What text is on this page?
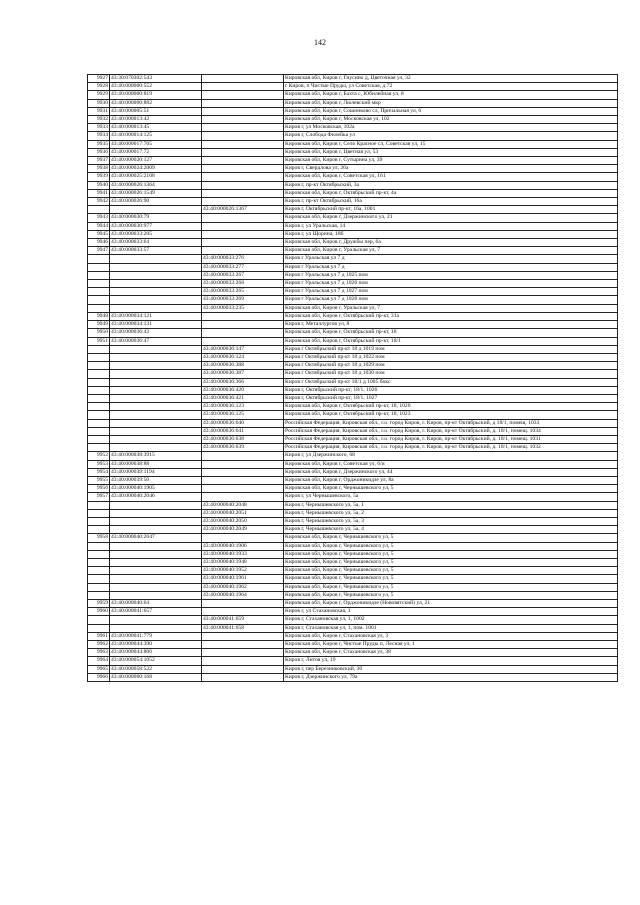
142
9927	43:30:070302:543		Кировская обл, Киров г, Гнусино д, Цветочная ул, 32
9928	43:40:000000:552		г Киров, п Чистые Пруды, ул Советская, д 72
9929	43:40:000000:819		Кировская обл, Киров г, Бахта с, Юбилейная ул, 8
9930	43:40:000000:882		Кировская обл, Киров г, Люлевский мкр
9931	43:40:000005:51		Кировская обл, Киров г, Сошниково сл, Причальная ул, 6
9932	43:40:000013:42		Кировская обл, Киров г, Московская ул, 102
9933	43:40:000013:45		Киров г, ул Московская, 102а
9934	43:40:000014:125		Киров г, Слобода Филейка ул
9935	43:40:000017:705		Кировская обл, Киров г, Село Красное сл, Советская ул, 15
9936	43:40:000017:72		Кировская обл, Киров г, Цветная ул, 53
9937	43:40:000020:127		Кировская обл, Киров г, Сутырина ул, 39
9938	43:40:000024:2009		Киров г, Свердлова ул, 26а
9939	43:40:000025:2108		Кировская обл, Киров г, Советская ул, 161
9940	43:40:000026:1364		Киров г, пр-кт Октябрьский, 3а
9941	43:40:000026:1549		Кировская обл, Киров г, Октябрьский пр-кт, 4а
9942	43:40:000026:90		Киров г, пр-кт Октябрьский, 16а
		43:40:000026:1367	Киров г, Октябрьский пр-кт, 16а, 1001
9943	43:40:000030:79		Кировская обл, Киров г, Дзержинского ул, 21
9944	43:40:000030:977		Киров г, ул Уральская, 14
9945	43:40:000033:205		Киров г, ул Щорина, 18б
9946	43:40:000033:64		Кировская обл, Киров г, Дружбы пер, 6а
9947	43:40:000033:57		Кировская обл, Киров г, Уральская ул, 7
		43:40:000033:276	Киров г Уральская ул 7 д
		43:40:000033:277	Киров г Уральская ул 7 д
		43:40:000033:267	Киров г Уральская ул 7 д 1025 пом
		43:40:000033:268	Киров г Уральская ул 7 д 1026 пом
		43:40:000033:265	Киров г Уральская ул 7 д 1027 пом
		43:40:000033:269	Киров г Уральская ул 7 д 1028 пом
		43:40:000033:235	Кировская обл, Киров г, Уральская ул, 7
9948	43:40:000034:121		Кировская обл, Киров г, Октябрьский пр-кт, 31а
9949	43:40:000034:131		Киров г, Металлургов ул, 8
9950	43:40:000036:43		Кировская обл, Киров г, Октябрьский пр-кт, 18
9951	43:40:000036:47		Кировская обл, Киров г, Октябрьский пр-кт, 18/1
		43:40:000036:147	Киров г Октябрьский пр-кт 18 д 1019 пом
		43:40:000036:124	Киров г Октябрьский пр-кт 18 д 1022 пом
		43:40:000036:388	Киров г Октябрьский пр-кт 18 д 1029 пом
		43:40:000036:387	Киров г Октябрьский пр-кт 18 д 1030 пом
		43:40:000036:366	Киров г Октябрьский пр-кт 18/1 д 1005 бокс
		43:40:000036:420	Киров г, Октябрьский пр-кт, 18/1, 1026
		43:40:000036:421	Киров г, Октябрьский пр-кт, 18/1, 1027
		43:40:000036:123	Кировская обл, Киров г, Октябрьский пр-кт, 18, 1020
		43:40:000036:125	Кировская обл, Киров г, Октябрьский пр-кт, 18, 1023
		43:40:000036:640	Российская Федерация, Кировская обл., г.о. город Киров, г. Киров, пр-кт Октябрьский, д 18/1, помещ. 1033
		43:40:000036:641	Российская Федерация, Кировская обл., г.о. город Киров, г. Киров, пр-кт Октябрьский, д. 18/1, помещ. 1034
		43:40:000036:638	Российская Федерация, Кировская обл., г.о. город Киров, г. Киров, пр-кт Октябрьский, д. 18/1, помещ. 1031
		43:40:000036:639	Российская Федерация, Кировская обл., г.о. город Киров, г. Киров, пр-кт Октябрьский, д. 18/1, помещ. 1032
9952	43:40:000038:3915		Киров г, ул Дзержинского, 68
9953	43:40:000038:88		Кировская обл, Киров г, Советская ул, 6/и
9954	43:40:000039:1194		Кировская обл, Киров г, Дзержинского ул, 44
9955	43:40:000039:50		Кировская обл, Киров г, Орджоникидзе ул, 8а
9956	43:40:000040:1905		Кировская обл, Киров г, Чернышевского ул, 5
9957	43:40:000040:2046		Киров г, ул Чернышевского, 5а
		43:40:000040:2048	Киров г, Чернышевского ул, 5а, 1
		43:40:000040:2051	Киров г, Чернышевского ул, 5а, 2
		43:40:000040:2050	Киров г, Чернышевского ул, 5а, 3
		43:40:000040:2049	Киров г, Чернышевского ул, 5а, 4
9958	43:40:000040:2047		Кировская обл, Киров г, Чернышевского ул, 5
		43:40:000040:1906	Кировская обл, Киров г, Чернышевского ул, 5
		43:40:000040:1933	Кировская обл, Киров г, Чернышевского ул, 5
		43:40:000040:1948	Кировская обл, Киров г, Чернышевского ул, 5
		43:40:000040:1952	Кировская обл, Киров г, Чернышевского ул, 5
		43:40:000040:1961	Кировская обл, Киров г, Чернышевского ул, 5
		43:40:000040:1962	Кировская обл, Киров г, Чернышевского ул, 5
		43:40:000040:1964	Кировская обл, Киров г, Чернышевского ул, 5
9959	43:40:000040:64		Кировская обл, Киров г, Орджоникидзе (Нововятский) ул, 21
9960	43:40:000041:657		Киров г, ул Стахановская, 1
		43:40:000041:659	Киров г, Стахановская ул, 1, 1002
		43:40:000041:658	Киров г, Стахановская ул, 1, пом. 1001
9961	43:40:000041:779		Кировская обл, Киров г, Стахановская ул, 3
9962	43:40:000044:390		Кировская обл, Киров г, Чистые Пруды п, Лесная ул, 1
9963	43:40:000044:806		Кировская обл, Киров г, Стахановская ул, 38
9964	43:40:000054:1052		Киров г, Литов ул, 19
9965	43:40:000058:522		Киров г, пер Березниковский, 30
9966	43:40:000060:168		Киров г, Дзержинского ул, 79а
